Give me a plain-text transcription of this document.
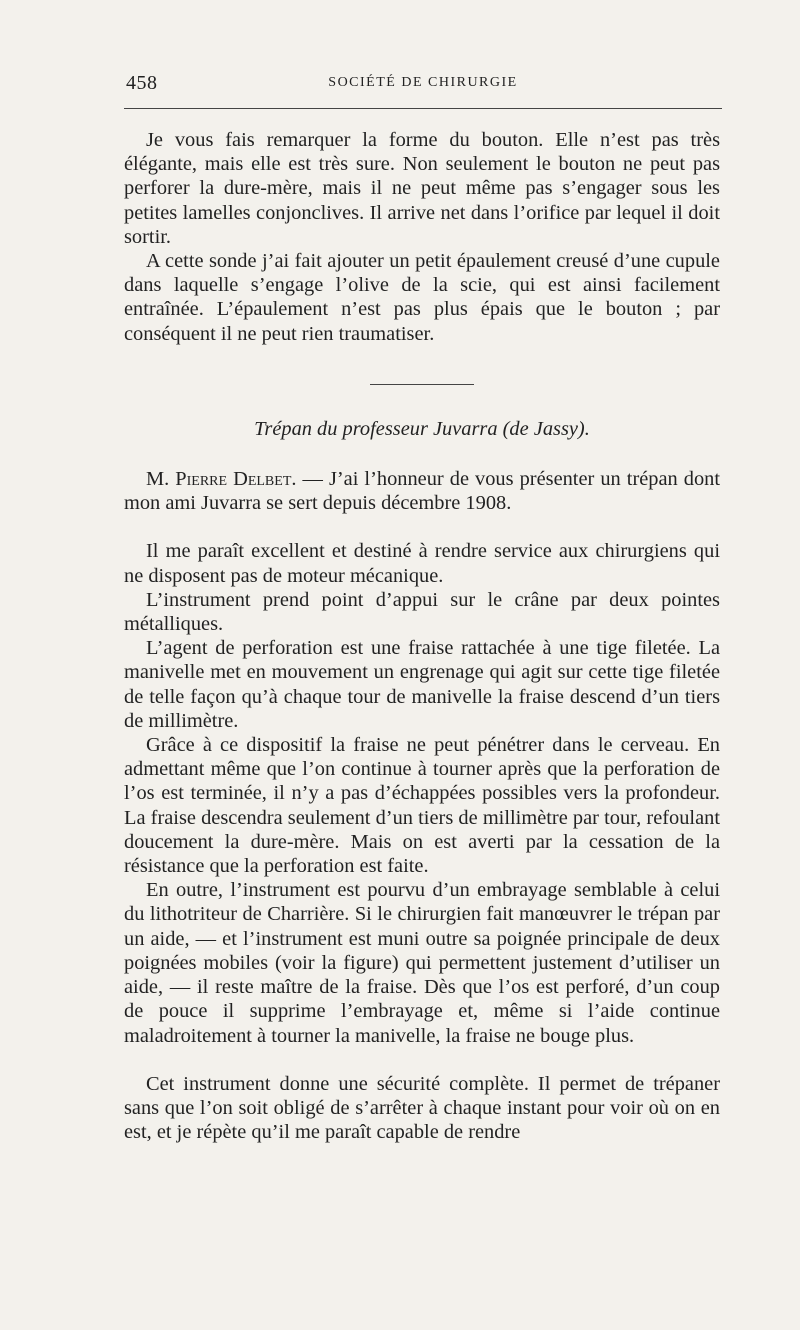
458	SOCIÉTÉ DE CHIRURGIE

Je vous fais remarquer la forme du bouton. Elle n’est pas très élégante, mais elle est très sure. Non seulement le bouton ne peut pas perforer la dure-mère, mais il ne peut même pas s’engager sous les petites lamelles conjonclives. Il arrive net dans l’orifice par lequel il doit sortir.

A cette sonde j’ai fait ajouter un petit épaulement creusé d’une cupule dans laquelle s’engage l’olive de la scie, qui est ainsi facilement entraînée. L’épaulement n’est pas plus épais que le bouton ; par conséquent il ne peut rien traumatiser.

Trépan du professeur Juvarra (de Jassy).

M. Pierre Delbet. — J’ai l’honneur de vous présenter un trépan dont mon ami Juvarra se sert depuis décembre 1908.

Il me paraît excellent et destiné à rendre service aux chirurgiens qui ne disposent pas de moteur mécanique.

L’instrument prend point d’appui sur le crâne par deux pointes métalliques.

L’agent de perforation est une fraise rattachée à une tige filetée. La manivelle met en mouvement un engrenage qui agit sur cette tige filetée de telle façon qu’à chaque tour de manivelle la fraise descend d’un tiers de millimètre.

Grâce à ce dispositif la fraise ne peut pénétrer dans le cerveau. En admettant même que l’on continue à tourner après que la perforation de l’os est terminée, il n’y a pas d’échappées possibles vers la profondeur. La fraise descendra seulement d’un tiers de millimètre par tour, refoulant doucement la dure-mère. Mais on est averti par la cessation de la résistance que la perforation est faite.

En outre, l’instrument est pourvu d’un embrayage semblable à celui du lithotriteur de Charrière. Si le chirurgien fait manœuvrer le trépan par un aide, — et l’instrument est muni outre sa poignée principale de deux poignées mobiles (voir la figure) qui permettent justement d’utiliser un aide, — il reste maître de la fraise. Dès que l’os est perforé, d’un coup de pouce il supprime l’embrayage et, même si l’aide continue maladroitement à tourner la manivelle, la fraise ne bouge plus.

Cet instrument donne une sécurité complète. Il permet de trépaner sans que l’on soit obligé de s’arrêter à chaque instant pour voir où on en est, et je répète qu’il me paraît capable de rendre
